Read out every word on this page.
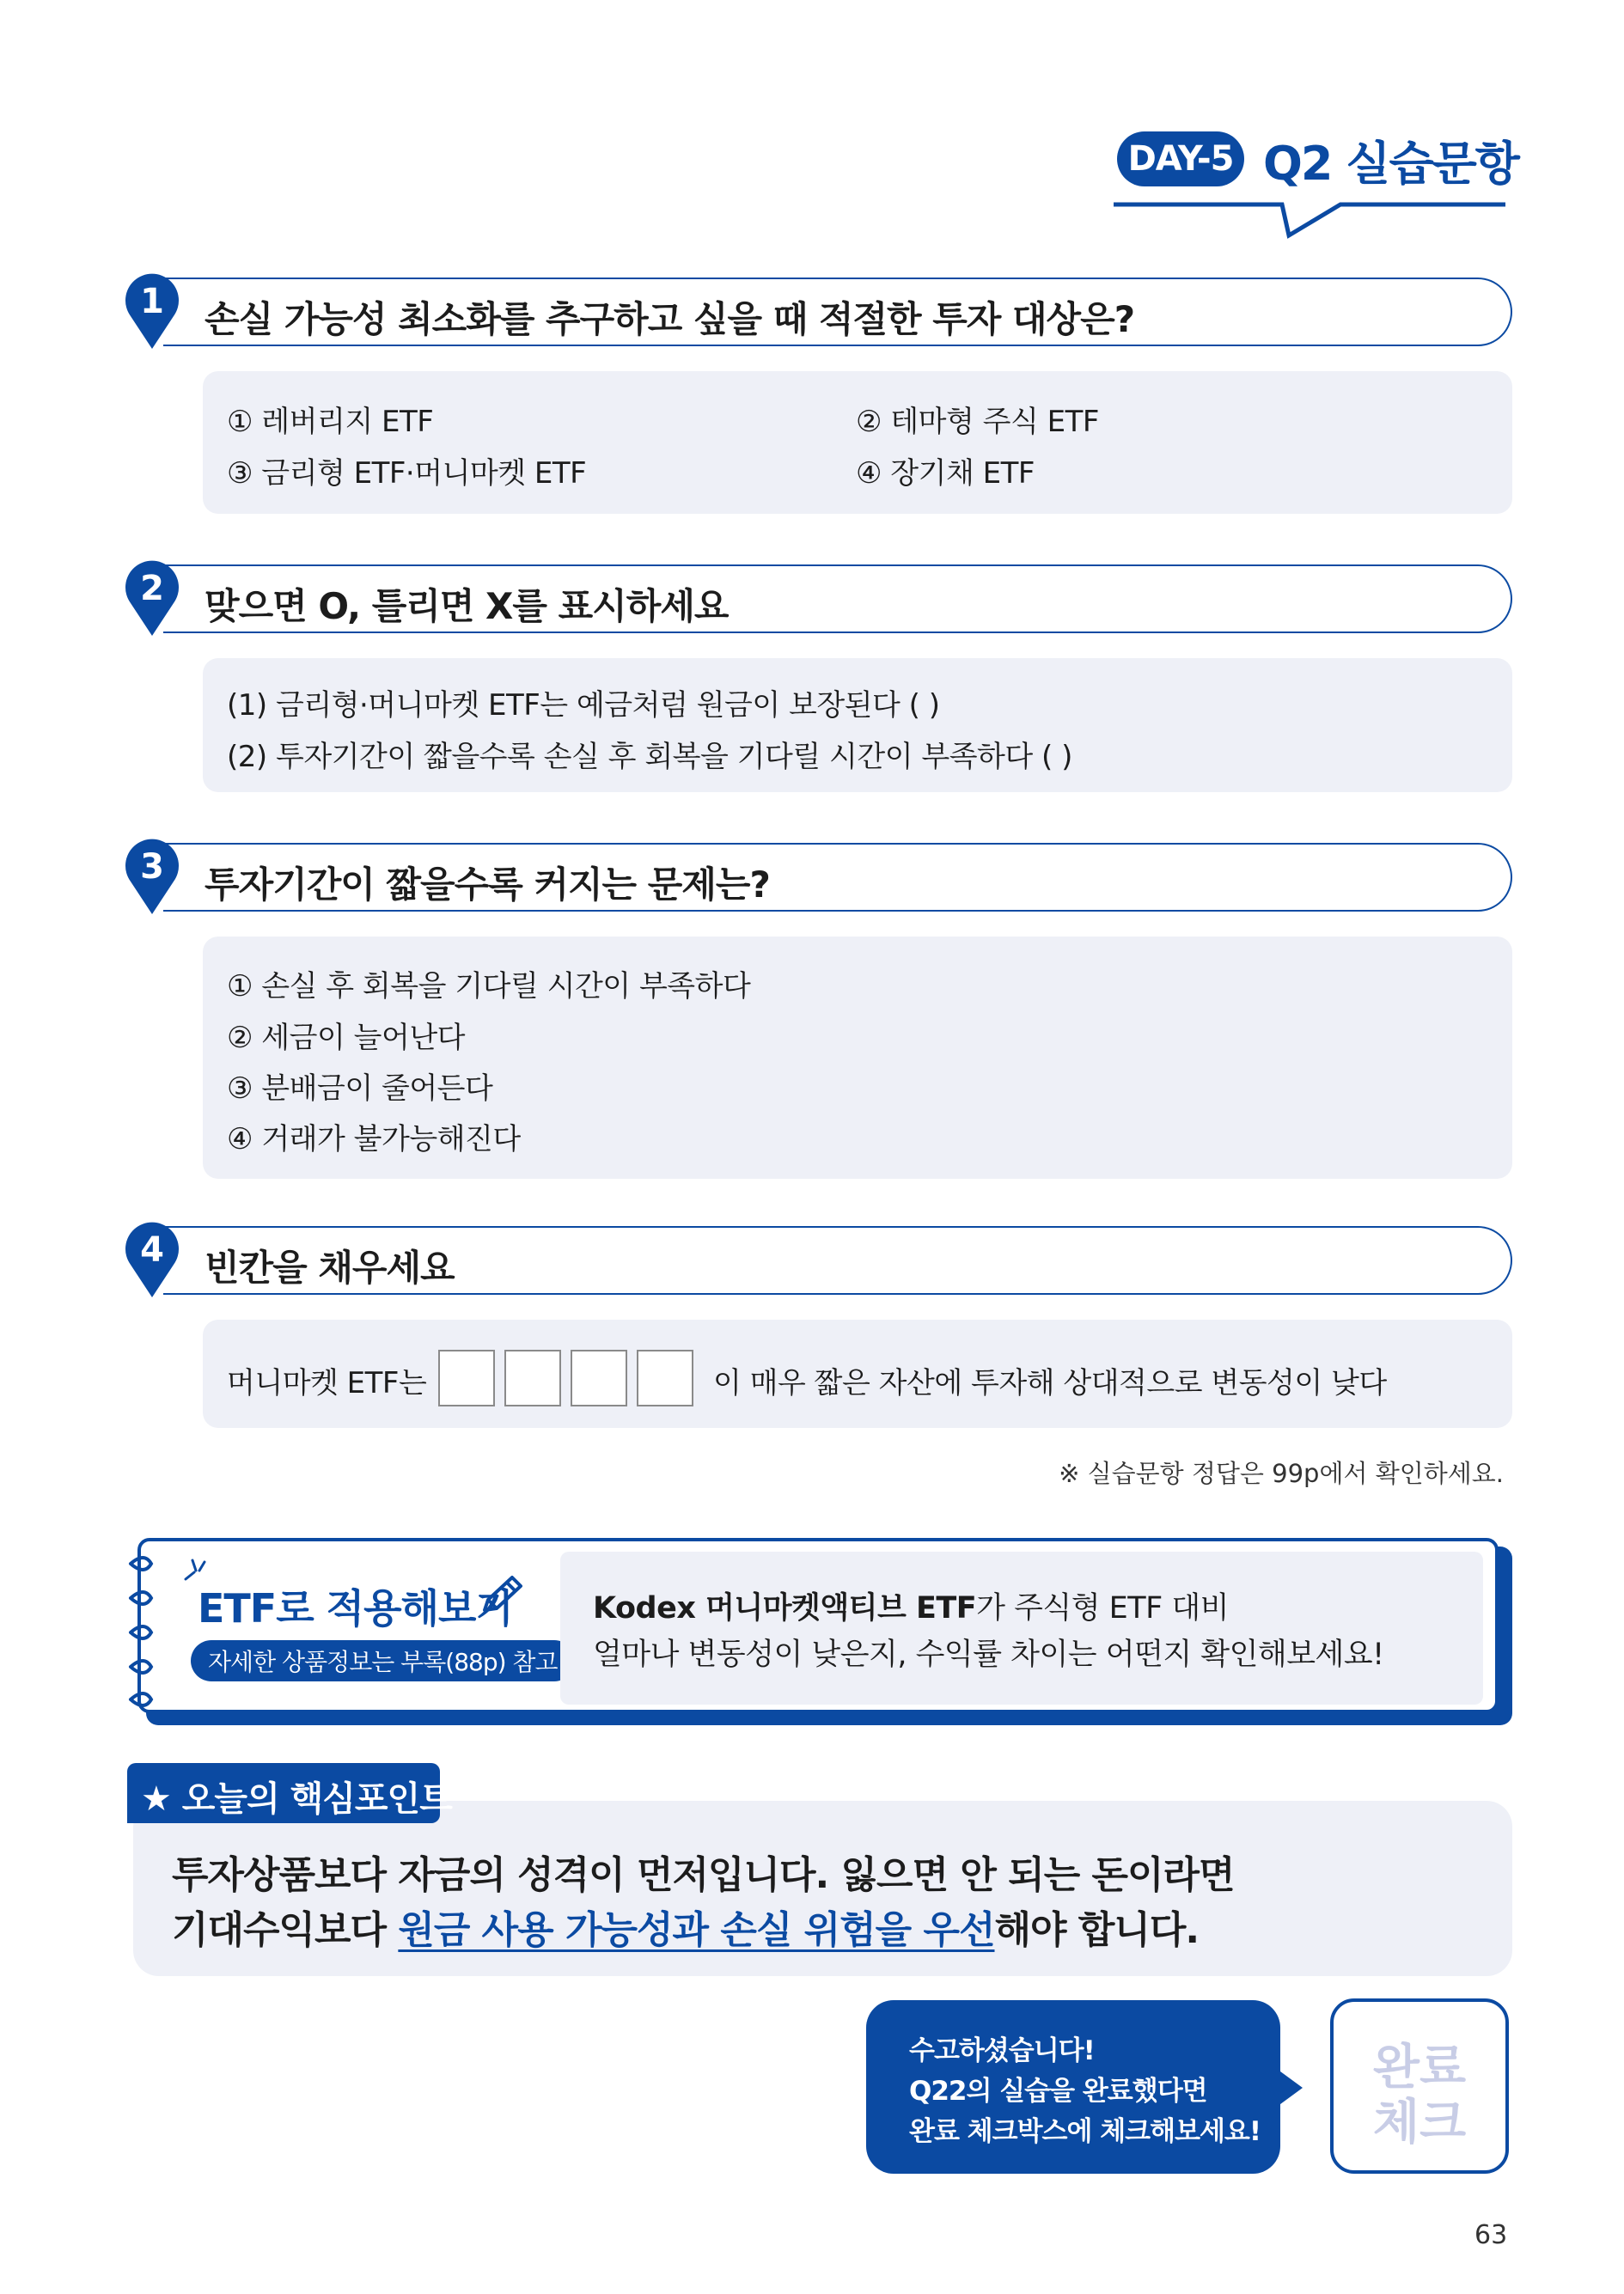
DAY-5 Q2 실습문항
1	손실 가능성 최소화를 추구하고 싶을 때 적절한 투자 대상은?
① 레버리지 ETF	② 테마형 주식 ETF
③ 금리형 ETF·머니마켓 ETF	④ 장기채 ETF
2	맞으면 O, 틀리면 X를 표시하세요
(1) 금리형·머니마켓 ETF는 예금처럼 원금이 보장된다 ( )
(2) 투자기간이 짧을수록 손실 후 회복을 기다릴 시간이 부족하다 ( )
3	투자기간이 짧을수록 커지는 문제는?
① 손실 후 회복을 기다릴 시간이 부족하다
② 세금이 늘어난다
③ 분배금이 줄어든다
④ 거래가 불가능해진다
4	빈칸을 채우세요
머니마켓 ETF는	이 매우 짧은 자산에 투자해 상대적으로 변동성이 낮다
※ 실습문항 정답은 99p에서 확인하세요.
ETF로 적용해보기
자세한 상품정보는 부록(88p) 참고
Kodex 머니마켓액티브 ETF가 주식형 ETF 대비
얼마나 변동성이 낮은지, 수익률 차이는 어떤지 확인해보세요!
★ 오늘의 핵심포인트
투자상품보다 자금의 성격이 먼저입니다. 잃으면 안 되는 돈이라면
기대수익보다 원금 사용 가능성과 손실 위험을 우선해야 합니다.
수고하셨습니다!
Q22의 실습을 완료했다면
완료 체크박스에 체크해보세요!
완료
체크
63
